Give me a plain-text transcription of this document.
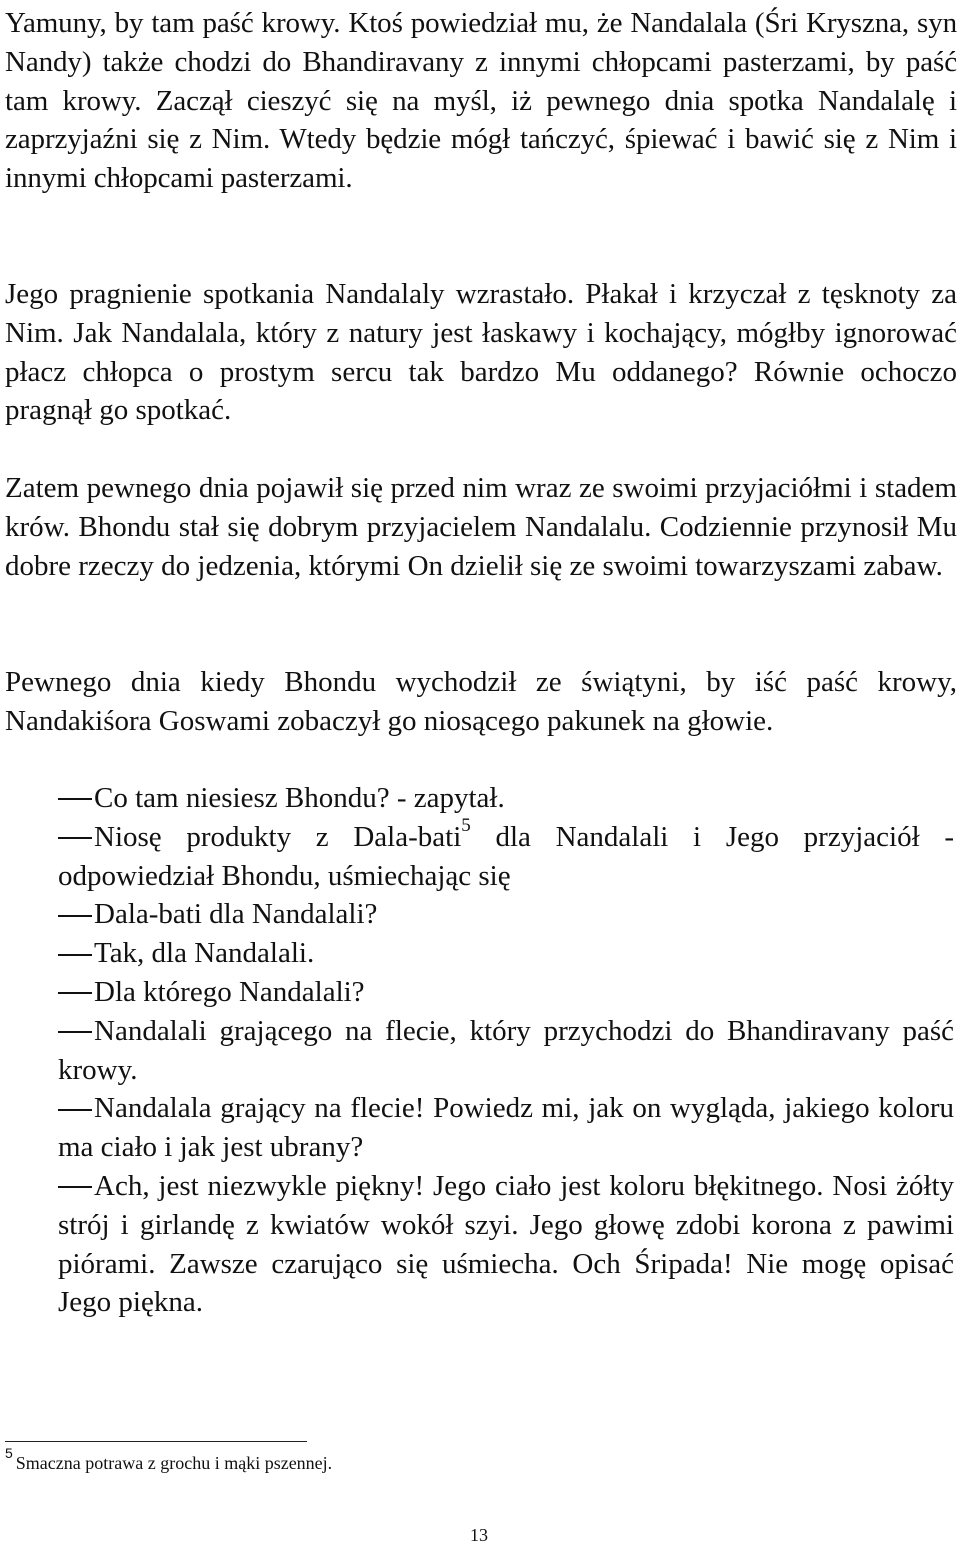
Yamuny, by tam paść krowy. Ktoś powiedział mu, że Nandalala (Śri Kryszna, syn Nandy) także chodzi do Bhandiravany z innymi chłopcami pasterzami, by paść tam krowy. Zaczął cieszyć się na myśl, iż pewnego dnia spotka Nandalalę i zaprzyjaźni się z Nim. Wtedy będzie mógł tańczyć, śpiewać i bawić się z Nim i innymi chłopcami pasterzami.

Jego pragnienie spotkania Nandalaly wzrastało. Płakał i krzyczał z tęsknoty za Nim. Jak Nandalala, który z natury jest łaskawy i kochający, mógłby ignorować płacz chłopca o prostym sercu tak bardzo Mu oddanego? Równie ochoczo pragnął go spotkać.

Zatem pewnego dnia pojawił się przed nim wraz ze swoimi przyjaciółmi i stadem krów. Bhondu stał się dobrym przyjacielem Nandalalu. Codziennie przynosił Mu dobre rzeczy do jedzenia, którymi On dzielił się ze swoimi towarzyszami zabaw.

Pewnego dnia kiedy Bhondu wychodził ze świątyni, by iść paść krowy, Nandakiśora Goswami zobaczył go niosącego pakunek na głowie.

Co tam niesiesz Bhondu? - zapytał.

Niosę produkty z Dala-bati$^5$ dla Nandalali i Jego przyjaciół - odpowiedział Bhondu, uśmiechając się

Dala-bati dla Nandalali?

Tak, dla Nandalali.

Dla którego Nandalali?

Nandalali grającego na flecie, który przychodzi do Bhandiravany paść krowy.

Nandalala grający na flecie! Powiedz mi, jak on wygląda, jakiego koloru ma ciało i jak jest ubrany?

Ach, jest niezwykle piękny! Jego ciało jest koloru błękitnego. Nosi żółty strój i girlandę z kwiatów wokół szyi. Jego głowę zdobi korona z pawimi piórami. Zawsze czarująco się uśmiecha. Och Śripada! Nie mogę opisać Jego piękna.

$^5$ Smaczna potrawa z grochu i mąki pszennej.
13
